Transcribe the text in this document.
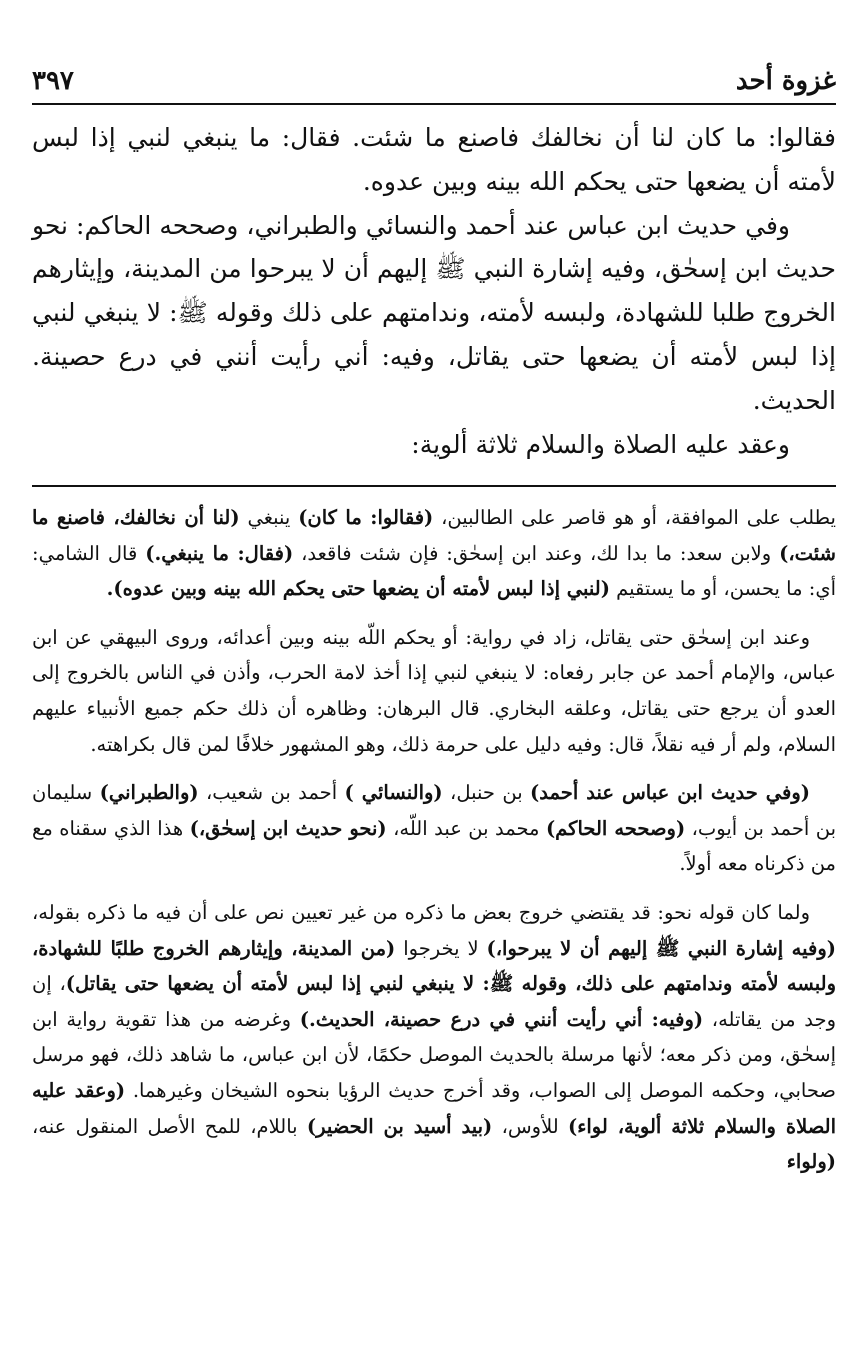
٣٩٧	غزوة أحد

فقالوا: ما كان لنا أن نخالفك فاصنع ما شئت. فقال: ما ينبغي لنبي إذا لبس لأمته أن يضعها حتى يحكم الله بينه وبين عدوه.

وفي حديث ابن عباس عند أحمد والنسائي والطبراني، وصححه الحاكم: نحو حديث ابن إسحٰق، وفيه إشارة النبي ﷺ إليهم أن لا يبرحوا من المدينة، وإيثارهم الخروج طلبا للشهادة، ولبسه لأمته، وندامتهم على ذلك وقوله ﷺ: لا ينبغي لنبي إذا لبس لأمته أن يضعها حتى يقاتل، وفيه: أني رأيت أنني في درع حصينة. الحديث.

وعقد عليه الصلاة والسلام ثلاثة ألوية:

يطلب على الموافقة، أو هو قاصر على الطالبين، (فقالوا: ما كان) ينبغي (لنا أن نخالفك، فاصنع ما شئت،) ولابن سعد: ما بدا لك، وعند ابن إسحٰق: فإن شئت فاقعد، (فقال: ما ينبغي.) قال الشامي: أي: ما يحسن، أو ما يستقيم (لنبي إذا لبس لأمته أن يضعها حتى يحكم الله بينه وبين عدوه).

وعند ابن إسحٰق حتى يقاتل، زاد في رواية: أو يحكم اللّه بينه وبين أعدائه، وروى البيهقي عن ابن عباس، والإمام أحمد عن جابر رفعاه: لا ينبغي لنبي إذا أخذ لامة الحرب، وأذن في الناس بالخروج إلى العدو أن يرجع حتى يقاتل، وعلقه البخاري. قال البرهان: وظاهره أن ذلك حكم جميع الأنبياء عليهم السلام، ولم أر فيه نقلاً، قال: وفيه دليل على حرمة ذلك، وهو المشهور خلافًا لمن قال بكراهته.

(وفي حديث ابن عباس عند أحمد) بن حنبل، (والنسائي ) أحمد بن شعيب، (والطبراني) سليمان بن أحمد بن أيوب، (وصححه الحاكم) محمد بن عبد اللّه، (نحو حديث ابن إسحٰق،) هذا الذي سقناه مع من ذكرناه معه أولاً.

ولما كان قوله نحو: قد يقتضي خروج بعض ما ذكره من غير تعيين نص على أن فيه ما ذكره بقوله، (وفيه إشارة النبي ﷺ إليهم أن لا يبرحوا،) لا يخرجوا (من المدينة، وإيثارهم الخروج طلبًا للشهادة، ولبسه لأمته وندامتهم على ذلك، وقوله ﷺ: لا ينبغي لنبي إذا لبس لأمته أن يضعها حتى يقاتل)، إن وجد من يقاتله، (وفيه: أني رأيت أنني في درع حصينة، الحديث.) وغرضه من هذا تقوية رواية ابن إسحٰق، ومن ذكر معه؛ لأنها مرسلة بالحديث الموصل حكمًا، لأن ابن عباس، ما شاهد ذلك، فهو مرسل صحابي، وحكمه الموصل إلى الصواب، وقد أخرج حديث الرؤيا بنحوه الشيخان وغيرهما. (وعقد عليه الصلاة والسلام ثلاثة ألوية، لواء) للأوس، (بيد أسيد بن الحضير) باللام، للمح الأصل المنقول عنه، (ولواء
